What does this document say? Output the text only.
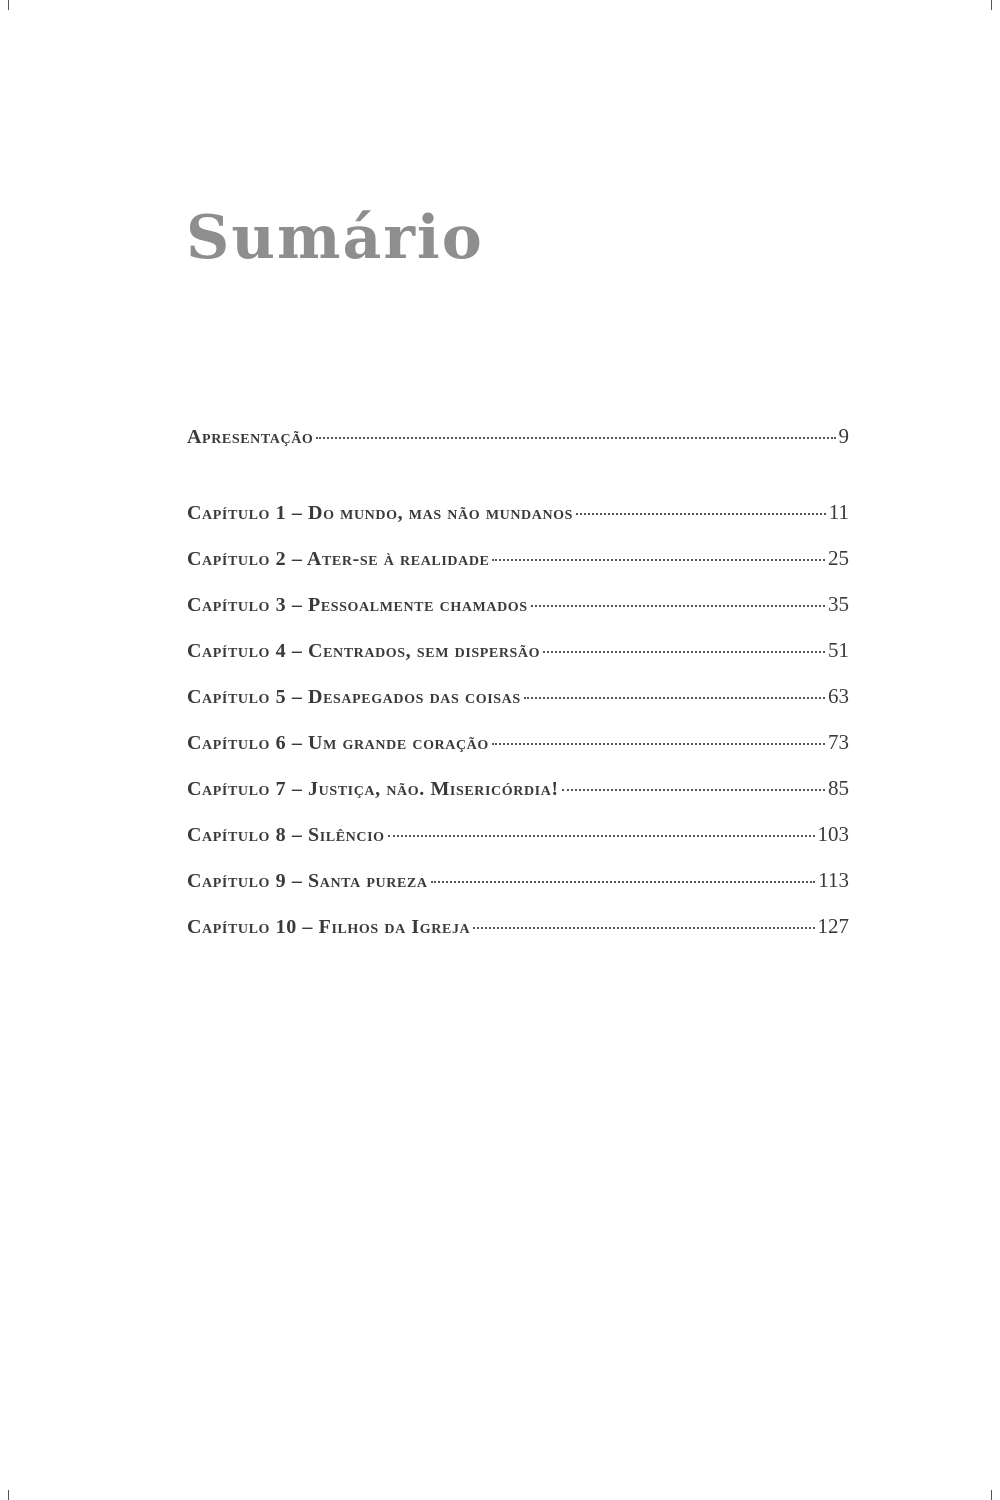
Sumário
Apresentação	9
Capítulo 1 – Do mundo, mas não mundanos	11
Capítulo 2 – Ater-se à realidade	25
Capítulo 3 – Pessoalmente chamados	35
Capítulo 4 – Centrados, sem dispersão	51
Capítulo 5 – Desapegados das coisas	63
Capítulo 6 – Um grande coração	73
Capítulo 7 – Justiça, não. Misericórdia!	85
Capítulo 8 – Silêncio	103
Capítulo 9 – Santa pureza	113
Capítulo 10 – Filhos da Igreja	127
